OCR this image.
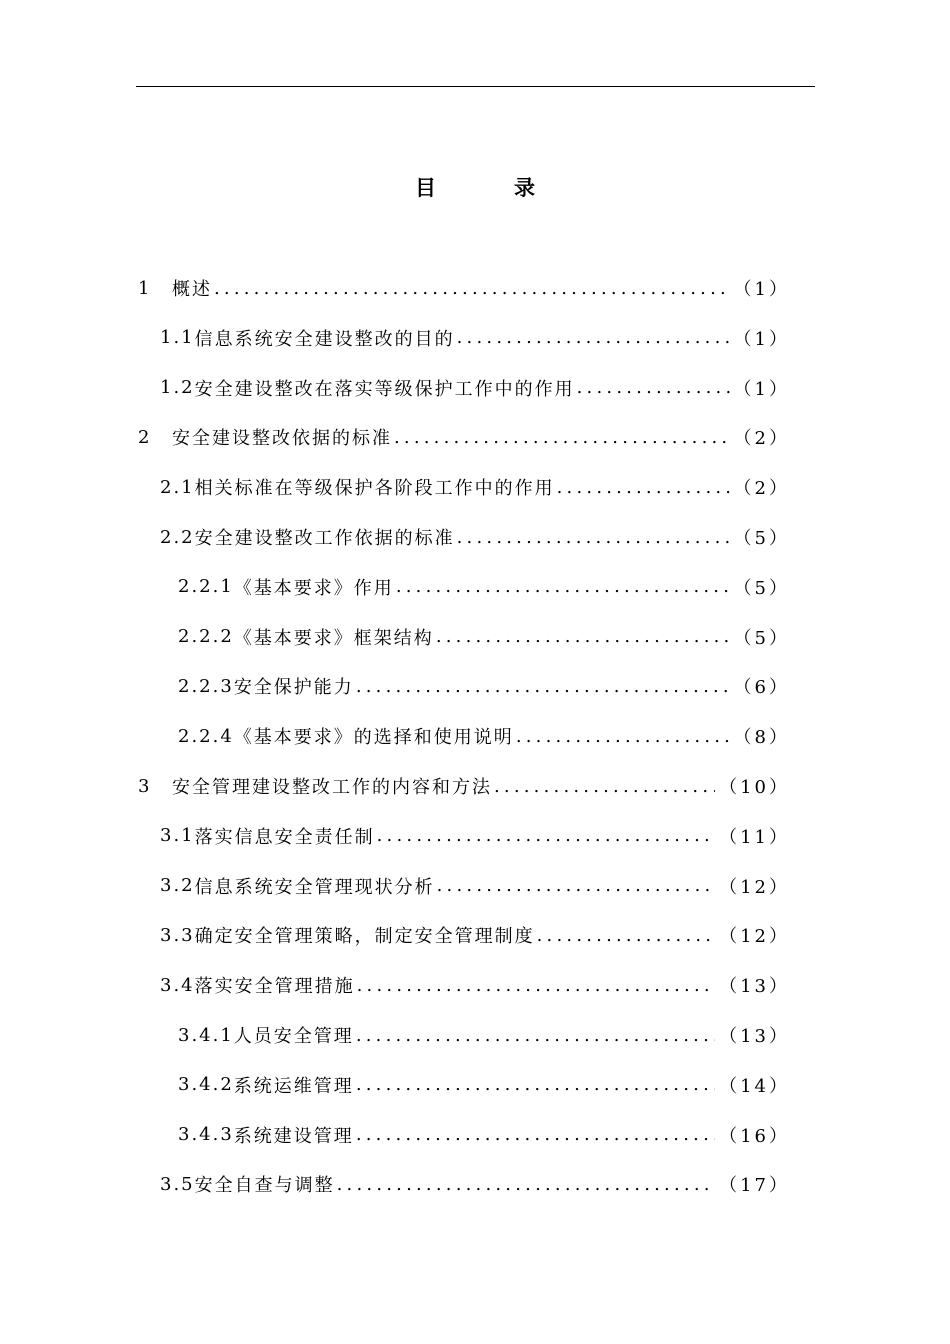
目录
1	概述 .....	（1）
1.1 信息系统安全建设整改的目的 .....	（1）
1.2 安全建设整改在落实等级保护工作中的作用 .....	（1）
2	安全建设整改依据的标准 .....	（2）
2.1 相关标准在等级保护各阶段工作中的作用 .....	（2）
2.2 安全建设整改工作依据的标准 .....	（5）
2.2.1 《基本要求》作用 .....	（5）
2.2.2 《基本要求》框架结构 .....	（5）
2.2.3 安全保护能力 .....	（6）
2.2.4 《基本要求》的选择和使用说明 .....	（8）
3	安全管理建设整改工作的内容和方法 .....	（10）
3.1 落实信息安全责任制 .....	（11）
3.2 信息系统安全管理现状分析 .....	（12）
3.3 确定安全管理策略，制定安全管理制度 .....	（12）
3.4 落实安全管理措施 .....	（13）
3.4.1 人员安全管理 .....	（13）
3.4.2 系统运维管理 .....	（14）
3.4.3 系统建设管理 .....	（16）
3.5 安全自查与调整 .....	（17）
